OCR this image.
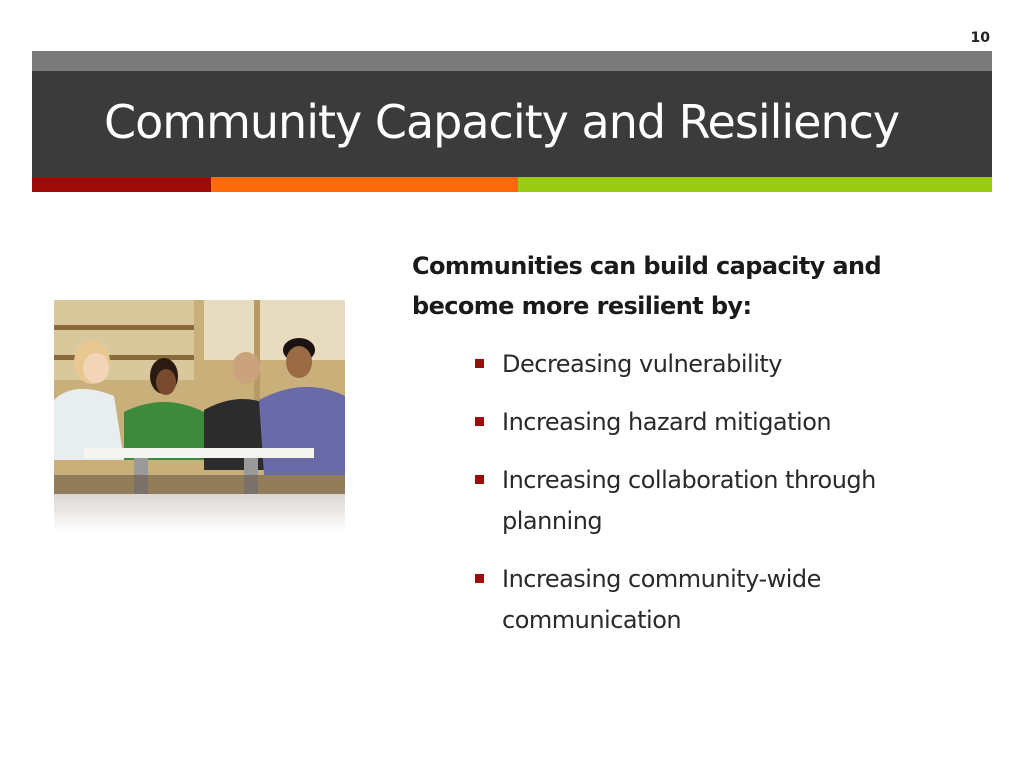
10
Community Capacity and Resiliency
Communities can build capacity and become more resilient by:
Decreasing vulnerability
Increasing hazard mitigation
Increasing collaboration through planning
Increasing community-wide communication
